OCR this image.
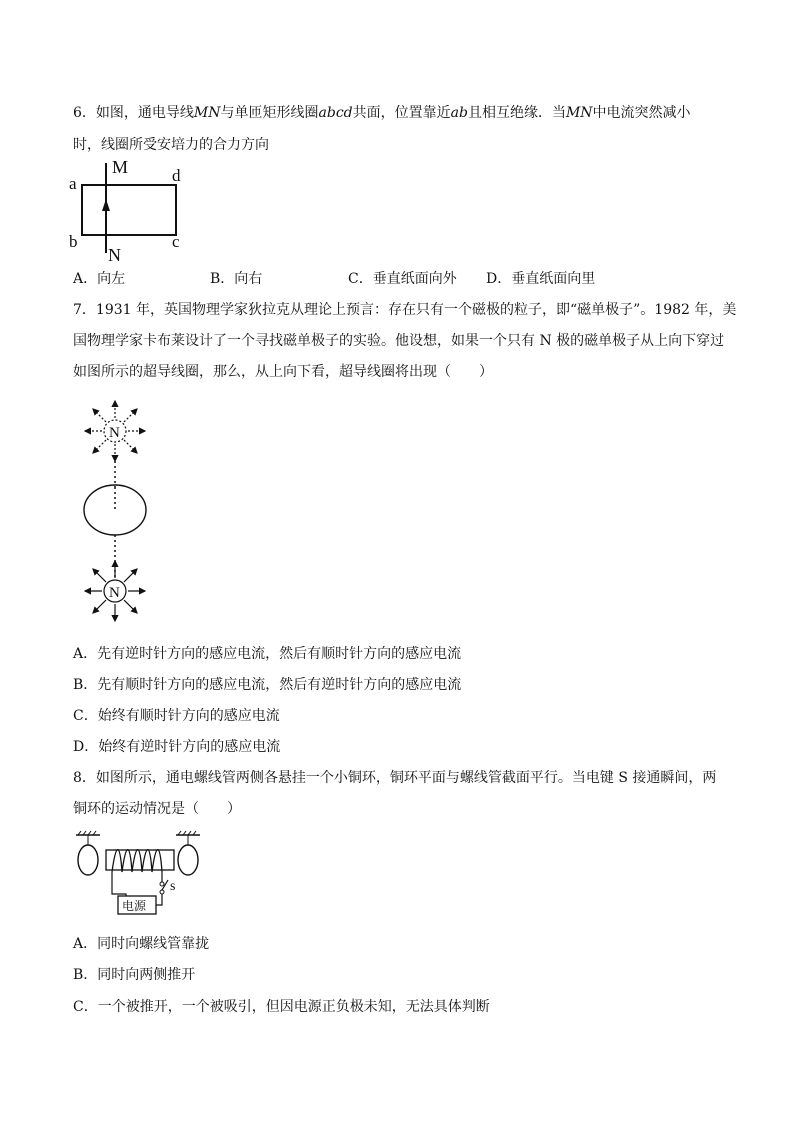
6．如图，通电导线MN与单匝矩形线圈abcd共面，位置靠近ab且相互绝缘．当MN中电流突然减小
时，线圈所受安培力的合力方向
M
N
a
b	c
d
A．向左	B．向右	C．垂直纸面向外 D．垂直纸面向里
7．1931 年，英国物理学家狄拉克从理论上预言：存在只有一个磁极的粒子，即“磁单极子”。1982 年，美
国物理学家卡布莱设计了一个寻找磁单极子的实验。他设想，如果一个只有 N 极的磁单极子从上向下穿过
如图所示的超导线圈，那么，从上向下看，超导线圈将出现（　　）
N
N
A．先有逆时针方向的感应电流，然后有顺时针方向的感应电流
B．先有顺时针方向的感应电流，然后有逆时针方向的感应电流
C．始终有顺时针方向的感应电流
D．始终有逆时针方向的感应电流
8．如图所示，通电螺线管两侧各悬挂一个小铜环，铜环平面与螺线管截面平行。当电键 S 接通瞬间，两
铜环的运动情况是（　　）
s
电源
A．同时向螺线管靠拢
B．同时向两侧推开
C．一个被推开，一个被吸引，但因电源正负极未知，无法具体判断
